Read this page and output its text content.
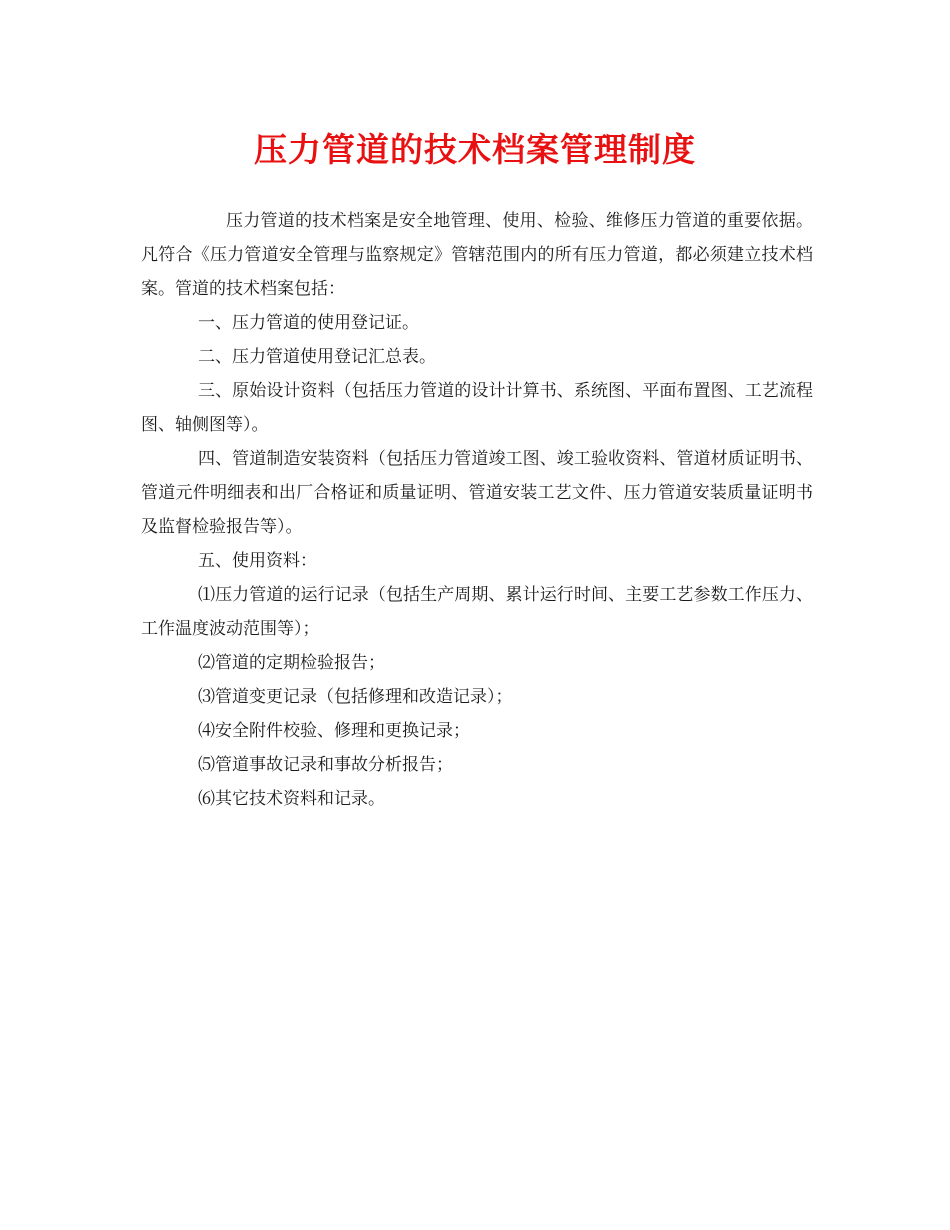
压力管道的技术档案管理制度

压力管道的技术档案是安全地管理、使用、检验、维修压力管道的重要依据。凡符合《压力管道安全管理与监察规定》管辖范围内的所有压力管道，都必须建立技术档案。管道的技术档案包括：

一、压力管道的使用登记证。

二、压力管道使用登记汇总表。

三、原始设计资料（包括压力管道的设计计算书、系统图、平面布置图、工艺流程图、轴侧图等）。

四、管道制造安装资料（包括压力管道竣工图、竣工验收资料、管道材质证明书、管道元件明细表和出厂合格证和质量证明、管道安装工艺文件、压力管道安装质量证明书及监督检验报告等）。

五、使用资料：

⑴压力管道的运行记录（包括生产周期、累计运行时间、主要工艺参数工作压力、工作温度波动范围等）；

⑵管道的定期检验报告；

⑶管道变更记录（包括修理和改造记录）；

⑷安全附件校验、修理和更换记录；

⑸管道事故记录和事故分析报告；

⑹其它技术资料和记录。
